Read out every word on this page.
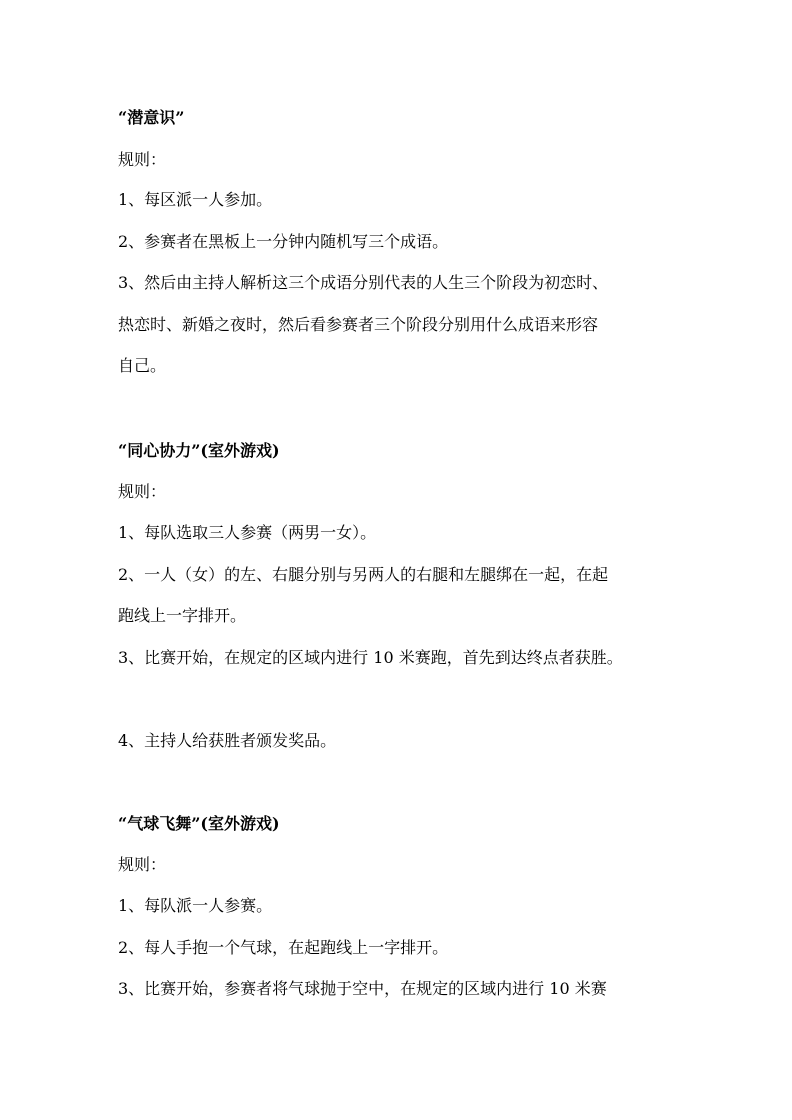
“潜意识”
规则：
1、每区派一人参加。
2、参赛者在黑板上一分钟内随机写三个成语。
3、然后由主持人解析这三个成语分别代表的人生三个阶段为初恋时、
热恋时、新婚之夜时，然后看参赛者三个阶段分别用什么成语来形容
自己。
“同心协力”(室外游戏)
规则：
1、每队选取三人参赛（两男一女）。
2、一人（女）的左、右腿分别与另两人的右腿和左腿绑在一起，在起
跑线上一字排开。
3、比赛开始，在规定的区域内进行 10 米赛跑，首先到达终点者获胜。
4、主持人给获胜者颁发奖品。
“气球飞舞”(室外游戏)
规则：
1、每队派一人参赛。
2、每人手抱一个气球，在起跑线上一字排开。
3、比赛开始，参赛者将气球抛于空中，在规定的区域内进行 10 米赛
